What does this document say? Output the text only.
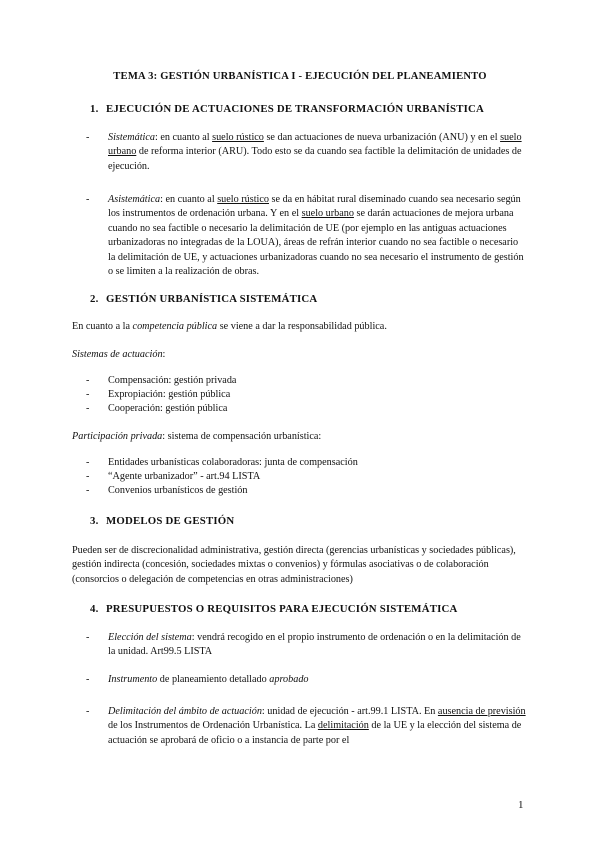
TEMA 3: GESTIÓN URBANÍSTICA I - EJECUCIÓN DEL PLANEAMIENTO
1. EJECUCIÓN DE ACTUACIONES DE TRANSFORMACIÓN URBANÍSTICA
- Sistemática: en cuanto al suelo rústico se dan actuaciones de nueva urbanización (ANU) y en el suelo urbano de reforma interior (ARU). Todo esto se da cuando sea factible la delimitación de unidades de ejecución.
- Asistemática: en cuanto al suelo rústico se da en hábitat rural diseminado cuando sea necesario según los instrumentos de ordenación urbana. Y en el suelo urbano se darán actuaciones de mejora urbana cuando no sea factible o necesario la delimitación de UE (por ejemplo en las antiguas actuaciones urbanizadoras no integradas de la LOUA), áreas de refrán interior cuando no sea factible o necesario la delimitación de UE, y actuaciones urbanizadoras cuando no sea necesario el instrumento de gestión o se limiten a la realización de obras.
2. GESTIÓN URBANÍSTICA SISTEMÁTICA
En cuanto a la competencia pública se viene a dar la responsabilidad pública.
Sistemas de actuación:
- Compensación: gestión privada
- Expropiación: gestión pública
- Cooperación: gestión pública
Participación privada: sistema de compensación urbanística:
- Entidades urbanísticas colaboradoras: junta de compensación
- “Agente urbanizador” - art.94 LISTA
- Convenios urbanísticos de gestión
3. MODELOS DE GESTIÓN
Pueden ser de discrecionalidad administrativa, gestión directa (gerencias urbanísticas y sociedades públicas), gestión indirecta (concesión, sociedades mixtas o convenios) y fórmulas asociativas o de colaboración (consorcios o delegación de competencias en otras administraciones)
4. PRESUPUESTOS O REQUISITOS PARA EJECUCIÓN SISTEMÁTICA
- Elección del sistema: vendrá recogido en el propio instrumento de ordenación o en la delimitación de la unidad. Art99.5 LISTA
- Instrumento de planeamiento detallado aprobado
- Delimitación del ámbito de actuación: unidad de ejecución - art.99.1 LISTA. En ausencia de previsión de los Instrumentos de Ordenación Urbanística. La delimitación de la UE y la elección del sistema de actuación se aprobará de oficio o a instancia de parte por el
1
